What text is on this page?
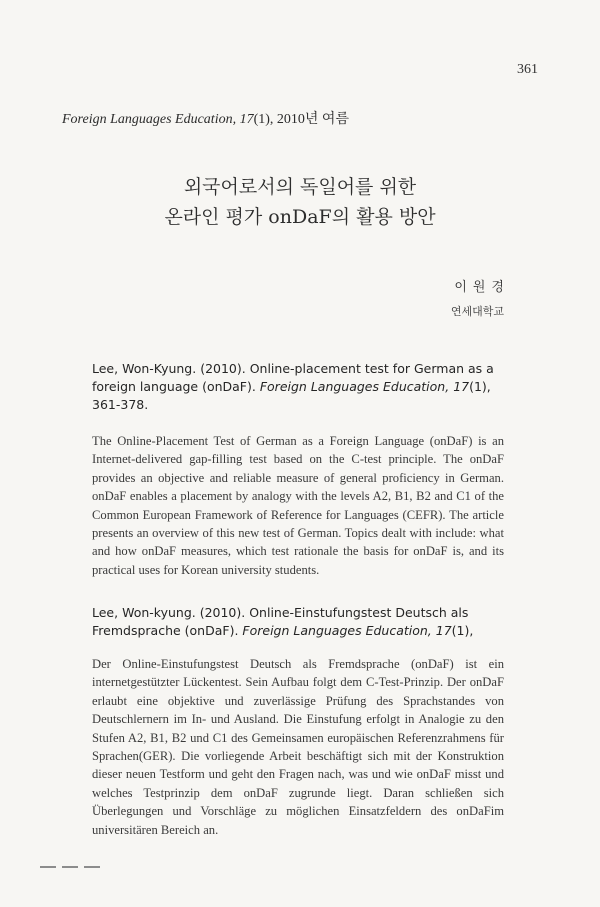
361
Foreign Languages Education, 17(1), 2010년 여름
외국어로서의 독일어를 위한
온라인 평가 onDaF의 활용 방안
이원경
연세대학교
Lee, Won-Kyung. (2010). Online-placement test for German as a foreign language (onDaF). Foreign Languages Education, 17(1), 361-378.
The Online-Placement Test of German as a Foreign Language (onDaF) is an Internet-delivered gap-filling test based on the C-test principle. The onDaF provides an objective and reliable measure of general proficiency in German. onDaF enables a placement by analogy with the levels A2, B1, B2 and C1 of the Common European Framework of Reference for Languages (CEFR). The article presents an overview of this new test of German. Topics dealt with include: what and how onDaF measures, which test rationale the basis for onDaF is, and its practical uses for Korean university students.
Lee, Won-kyung. (2010). Online-Einstufungstest Deutsch als Fremdsprache (onDaF). Foreign Languages Education, 17(1),
Der Online-Einstufungstest Deutsch als Fremdsprache (onDaF) ist ein internetgestützter Lückentest. Sein Aufbau folgt dem C-Test-Prinzip. Der onDaF erlaubt eine objektive und zuverlässige Prüfung des Sprachstandes von Deutschlernern im In- und Ausland. Die Einstufung erfolgt in Analogie zu den Stufen A2, B1, B2 und C1 des Gemeinsamen europäischen Referenzrahmens für Sprachen(GER). Die vorliegende Arbeit beschäftigt sich mit der Konstruktion dieser neuen Testform und geht den Fragen nach, was und wie onDaF misst und welches Testprinzip dem onDaF zugrunde liegt. Daran schließen sich Überlegungen und Vorschläge zu möglichen Einsatzfeldern des onDaFim universitären Bereich an.
